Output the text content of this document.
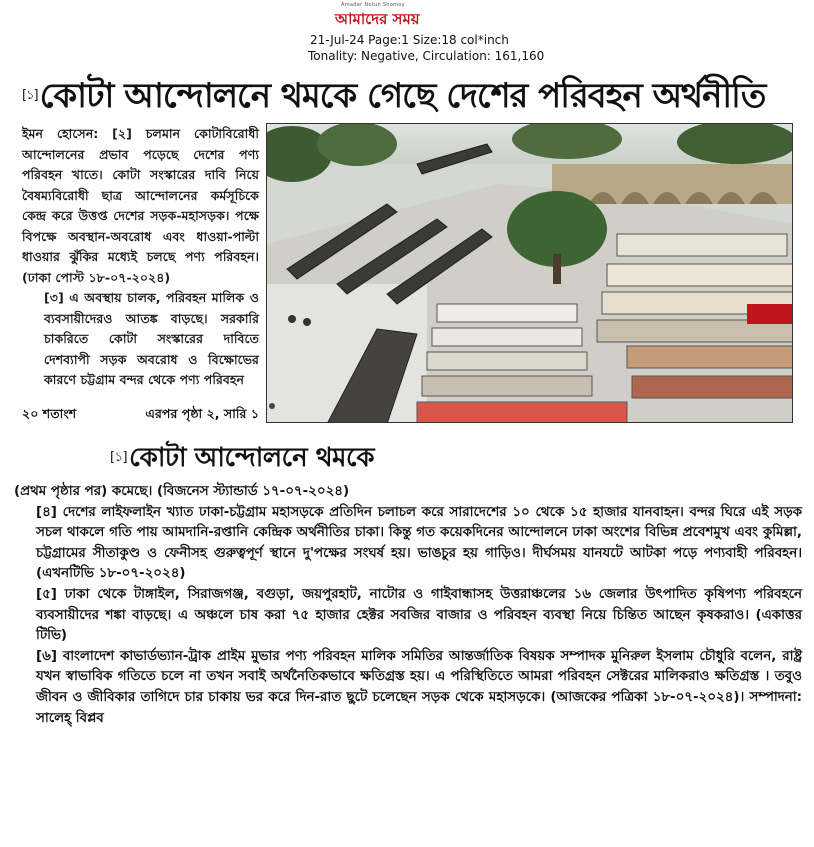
Amader Notun Shomoy
আমাদের সময়
21-Jul-24 Page:1 Size:18 col*inch
Tonality: Negative, Circulation: 161,160
[১]কোটা আন্দোলনে থমকে গেছে দেশের পরিবহন অর্থনীতি
ইমন হোসেন: [২] চলমান কোটাবিরোধী আন্দোলনের প্রভাব পড়েছে দেশের পণ্য পরিবহন খাতে। কোটা সংস্কারের দাবি নিয়ে বৈষম্যবিরোধী ছাত্র আন্দোলনের কর্মসূচিকে কেন্দ্র করে উত্তপ্ত দেশের সড়ক-মহাসড়ক। পক্ষে বিপক্ষে অবস্থান-অবরোধ এবং ধাওয়া-পাল্টা ধাওয়ার ঝুঁকির মধ্যেই চলছে পণ্য পরিবহন। (ঢাকা পোস্ট ১৮-০৭-২০২৪)
[৩] এ অবস্থায় চালক, পরিবহন মালিক ও ব্যবসায়ীদেরও আতঙ্ক বাড়ছে। সরকারি চাকরিতে কোটা সংস্কারের দাবিতে দেশব্যাপী সড়ক অবরোধ ও বিক্ষোভের কারণে চট্টগ্রাম বন্দর থেকে পণ্য পরিবহন
২০ শতাংশ	এরপর পৃষ্ঠা ২, সারি ১
[১]কোটা আন্দোলনে থমকে

(প্রথম পৃষ্ঠার পর) কমেছে। (বিজনেস স্ট্যান্ডার্ড ১৭-০৭-২০২৪)

[৪] দেশের লাইফলাইন খ্যাত ঢাকা-চট্টগ্রাম মহাসড়কে প্রতিদিন চলাচল করে সারাদেশের ১০ থেকে ১৫ হাজার যানবাহন। বন্দর ঘিরে এই সড়ক সচল থাকলে গতি পায় আমদানি-রপ্তানি কেন্দ্রিক অর্থনীতির চাকা। কিন্তু গত কয়েকদিনের আন্দোলনে ঢাকা অংশের বিভিন্ন প্রবেশমুখ এবং কুমিল্লা, চট্টগ্রামের সীতাকুণ্ড ও ফেনীসহ গুরুত্বপূর্ণ স্থানে দু'পক্ষের সংঘর্ষ হয়। ভাঙচুর হয় গাড়িও। দীর্ঘসময় যানযটে আটকা পড়ে পণ্যবাহী পরিবহন। (এখনটিভি ১৮-০৭-২০২৪)

[৫] ঢাকা থেকে টাঙ্গাইল, সিরাজগঞ্জ, বগুড়া, জয়পুরহাট, নাটোর ও গাইবান্ধাসহ উত্তরাঞ্চলের ১৬ জেলার উৎপাদিত কৃষিপণ্য পরিবহনে ব্যবসায়ীদের শঙ্কা বাড়ছে। এ অঞ্চলে চাষ করা ৭৫ হাজার হেক্টর সবজির বাজার ও পরিবহন ব্যবস্থা নিয়ে চিন্তিত আছেন কৃষকরাও। (একাত্তর টিভি)

[৬] বাংলাদেশ কাভার্ডভ্যান-ট্রাক প্রাইম মুভার পণ্য পরিবহন মালিক সমিতির আন্তর্জাতিক বিষয়ক সম্পাদক মুনিরুল ইসলাম চৌধুরি বলেন, রাষ্ট্র যখন স্বাভাবিক গতিতে চলে না তখন সবাই অর্থনৈতিকভাবে ক্ষতিগ্রস্ত হয়। এ পরিস্থিতিতে আমরা পরিবহন সেক্টরের মালিকরাও ক্ষতিগ্রস্ত । তবুও জীবন ও জীবিকার তাগিদে চার চাকায় ভর করে দিন-রাত ছুটে চলেছেন সড়ক থেকে মহাসড়কে। (আজকের পত্রিকা ১৮-০৭-২০২৪)। সম্পাদনা: সালেহ্ বিপ্লব
